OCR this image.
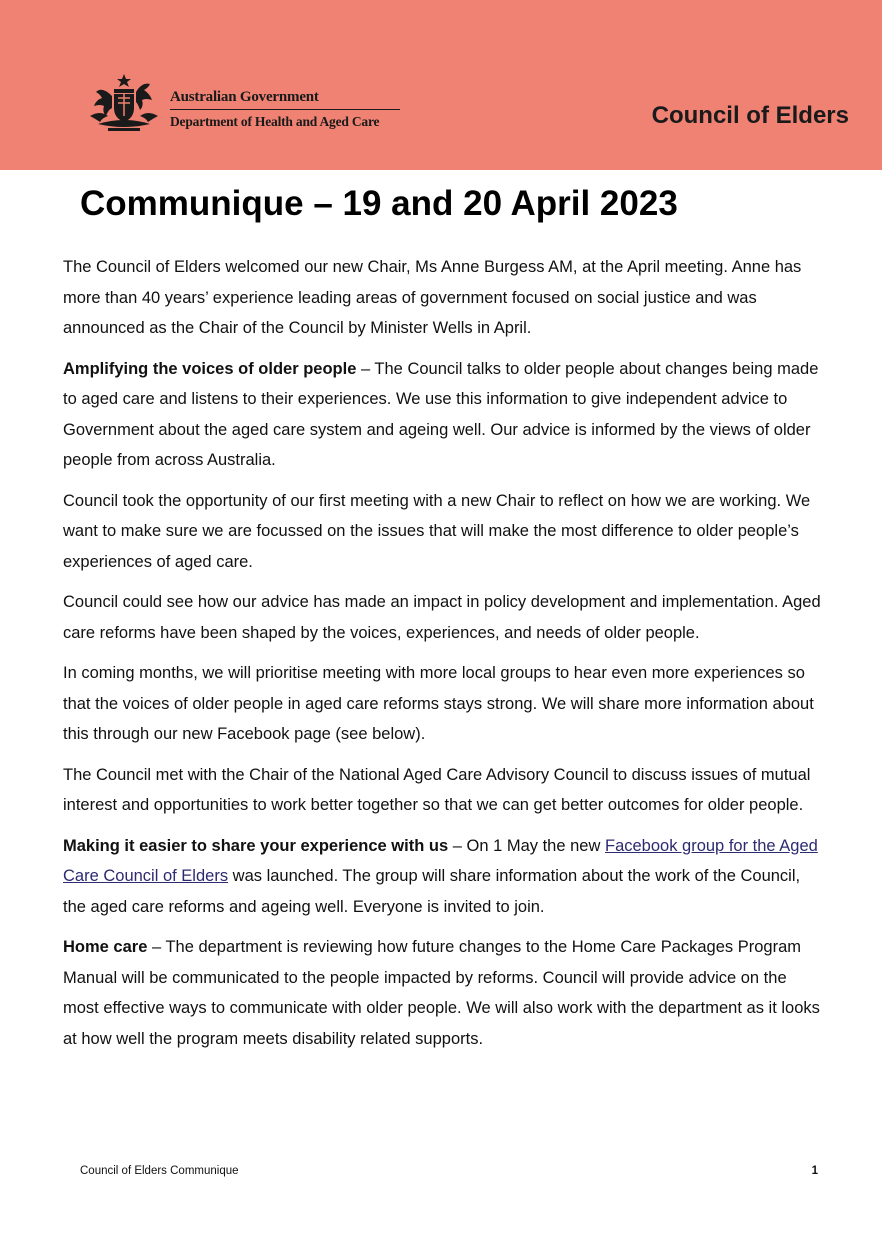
Australian Government
Department of Health and Aged Care	Council of Elders
Communique – 19 and 20 April 2023

The Council of Elders welcomed our new Chair, Ms Anne Burgess AM, at the April meeting. Anne has more than 40 years’ experience leading areas of government focused on social justice and was announced as the Chair of the Council by Minister Wells in April.

Amplifying the voices of older people – The Council talks to older people about changes being made to aged care and listens to their experiences. We use this information to give independent advice to Government about the aged care system and ageing well. Our advice is informed by the views of older people from across Australia.

Council took the opportunity of our first meeting with a new Chair to reflect on how we are working. We want to make sure we are focussed on the issues that will make the most difference to older people’s experiences of aged care.

Council could see how our advice has made an impact in policy development and implementation. Aged care reforms have been shaped by the voices, experiences, and needs of older people.

In coming months, we will prioritise meeting with more local groups to hear even more experiences so that the voices of older people in aged care reforms stays strong. We will share more information about this through our new Facebook page (see below).

The Council met with the Chair of the National Aged Care Advisory Council to discuss issues of mutual interest and opportunities to work better together so that we can get better outcomes for older people.

Making it easier to share your experience with us – On 1 May the new Facebook group for the Aged Care Council of Elders was launched. The group will share information about the work of the Council, the aged care reforms and ageing well. Everyone is invited to join.

Home care – The department is reviewing how future changes to the Home Care Packages Program Manual will be communicated to the people impacted by reforms. Council will provide advice on the most effective ways to communicate with older people. We will also work with the department as it looks at how well the program meets disability related supports.

Council of Elders Communique	1
